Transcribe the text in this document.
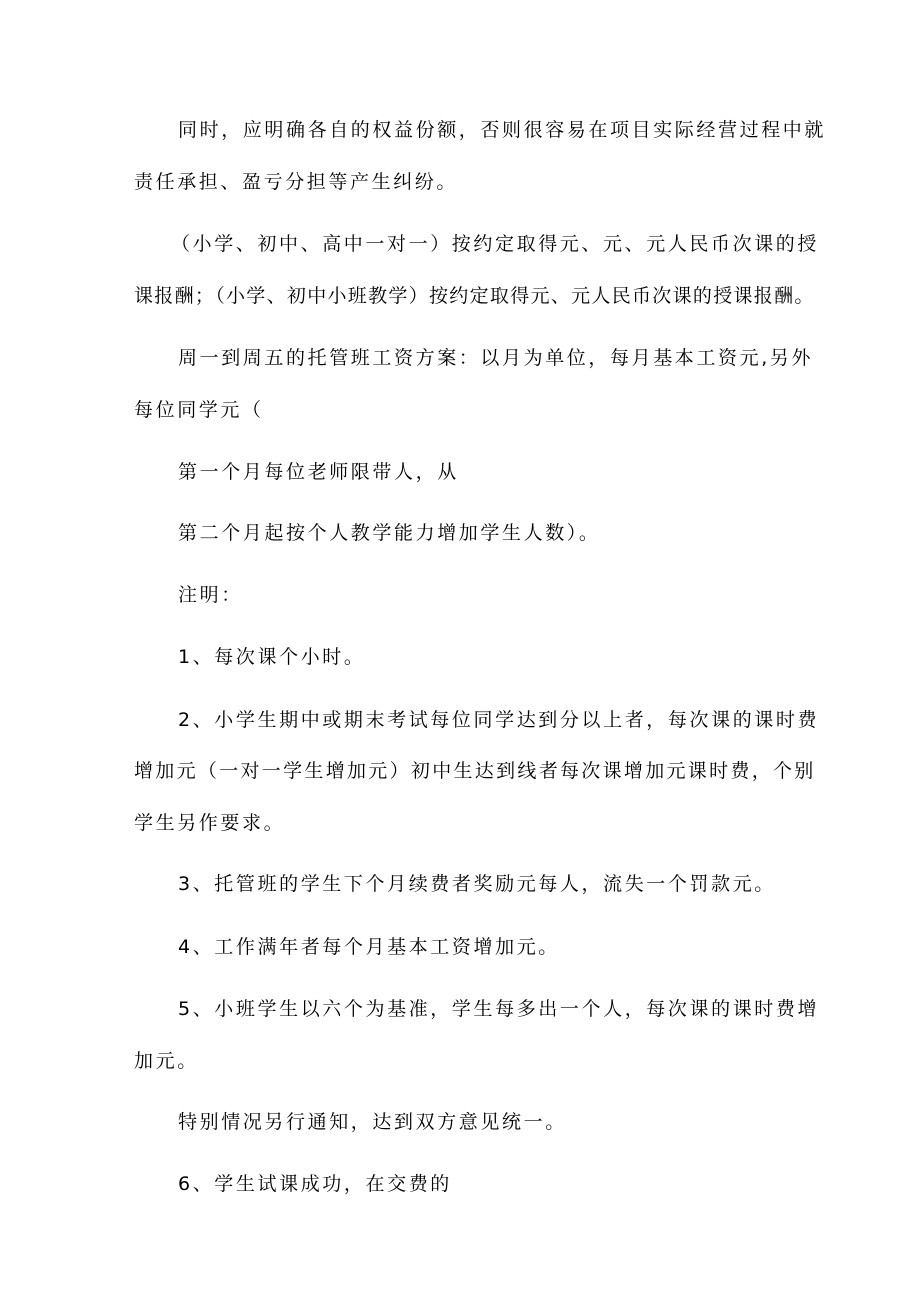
同时，应明确各自的权益份额，否则很容易在项目实际经营过程中就
责任承担、盈亏分担等产生纠纷。
（小学、初中、高中一对一）按约定取得元、元、元人民币次课的授
课报酬；（小学、初中小班教学）按约定取得元、元人民币次课的授课报酬。
周一到周五的托管班工资方案：以月为单位，每月基本工资元,另外
每位同学元（
第一个月每位老师限带人，从
第二个月起按个人教学能力增加学生人数）。
注明：
1、每次课个小时。
2、小学生期中或期末考试每位同学达到分以上者，每次课的课时费
增加元（一对一学生增加元）初中生达到线者每次课增加元课时费，个别
学生另作要求。
3、托管班的学生下个月续费者奖励元每人，流失一个罚款元。
4、工作满年者每个月基本工资增加元。
5、小班学生以六个为基准，学生每多出一个人，每次课的课时费增
加元。
特别情况另行通知，达到双方意见统一。
6、学生试课成功，在交费的
